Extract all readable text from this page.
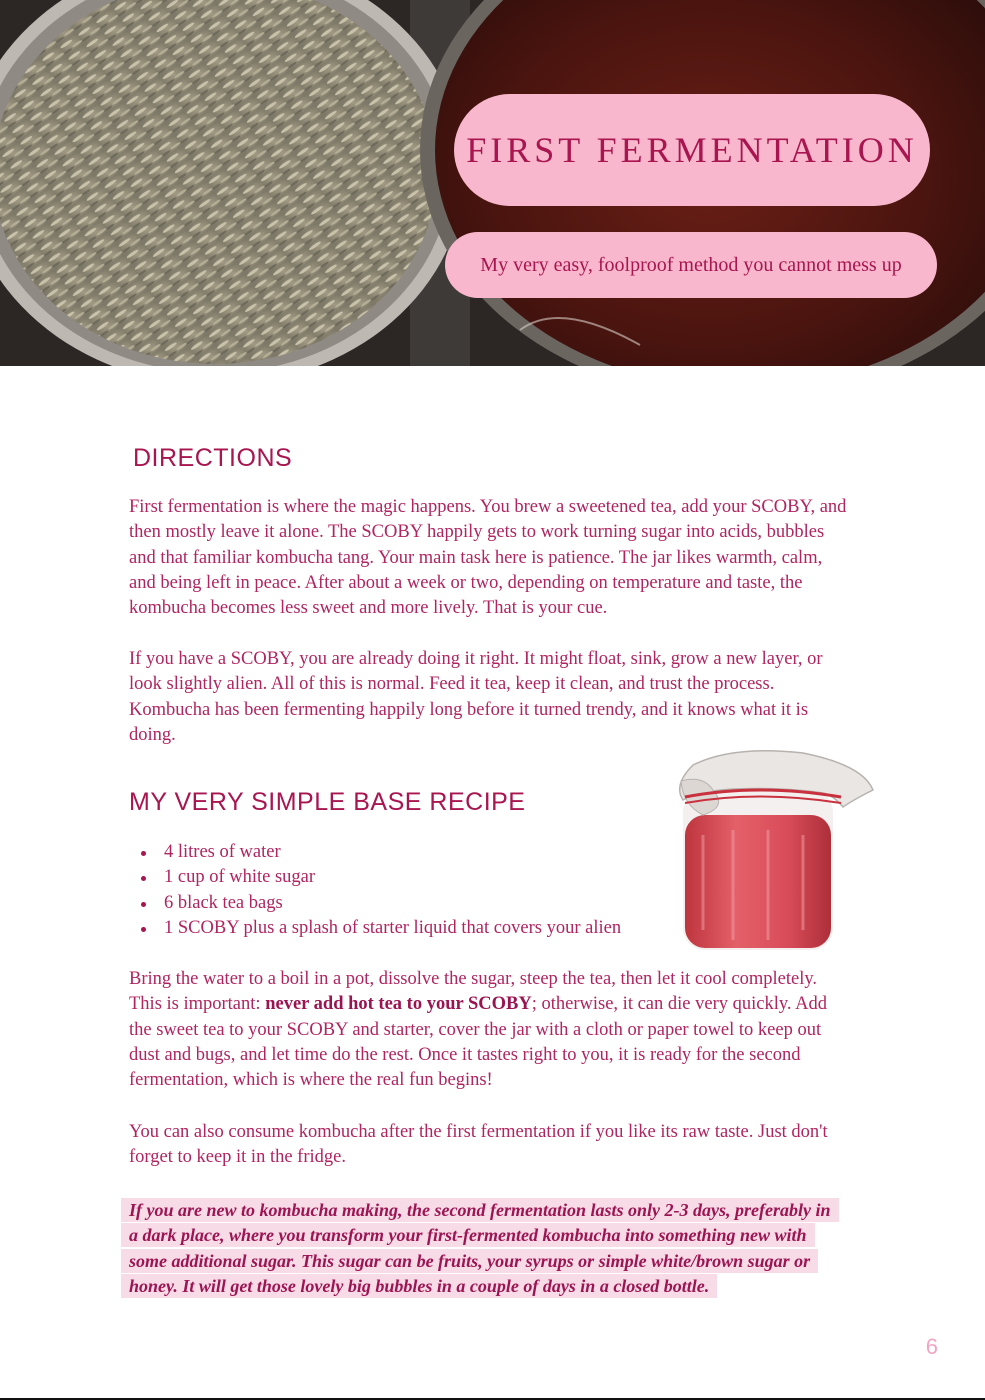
FIRST FERMENTATION
My very easy, foolproof method you cannot mess up
DIRECTIONS

First fermentation is where the magic happens. You brew a sweetened tea, add your SCOBY, and then mostly leave it alone. The SCOBY happily gets to work turning sugar into acids, bubbles and that familiar kombucha tang. Your main task here is patience. The jar likes warmth, calm, and being left in peace. After about a week or two, depending on temperature and taste, the kombucha becomes less sweet and more lively. That is your cue.

If you have a SCOBY, you are already doing it right. It might float, sink, grow a new layer, or look slightly alien. All of this is normal. Feed it tea, keep it clean, and trust the process. Kombucha has been fermenting happily long before it turned trendy, and it knows what it is doing.

MY VERY SIMPLE BASE RECIPE
4 litres of water
1 cup of white sugar
6 black tea bags
1 SCOBY plus a splash of starter liquid that covers your alien

Bring the water to a boil in a pot, dissolve the sugar, steep the tea, then let it cool completely. This is important: never add hot tea to your SCOBY; otherwise, it can die very quickly. Add the sweet tea to your SCOBY and starter, cover the jar with a cloth or paper towel to keep out dust and bugs, and let time do the rest. Once it tastes right to you, it is ready for the second fermentation, which is where the real fun begins!

You can also consume kombucha after the first fermentation if you like its raw taste. Just don't forget to keep it in the fridge.

If you are new to kombucha making, the second fermentation lasts only 2-3 days, preferably in a dark place, where you transform your first-fermented kombucha into something new with some additional sugar. This sugar can be fruits, your syrups or simple white/brown sugar or honey. It will get those lovely big bubbles in a couple of days in a closed bottle.

6
